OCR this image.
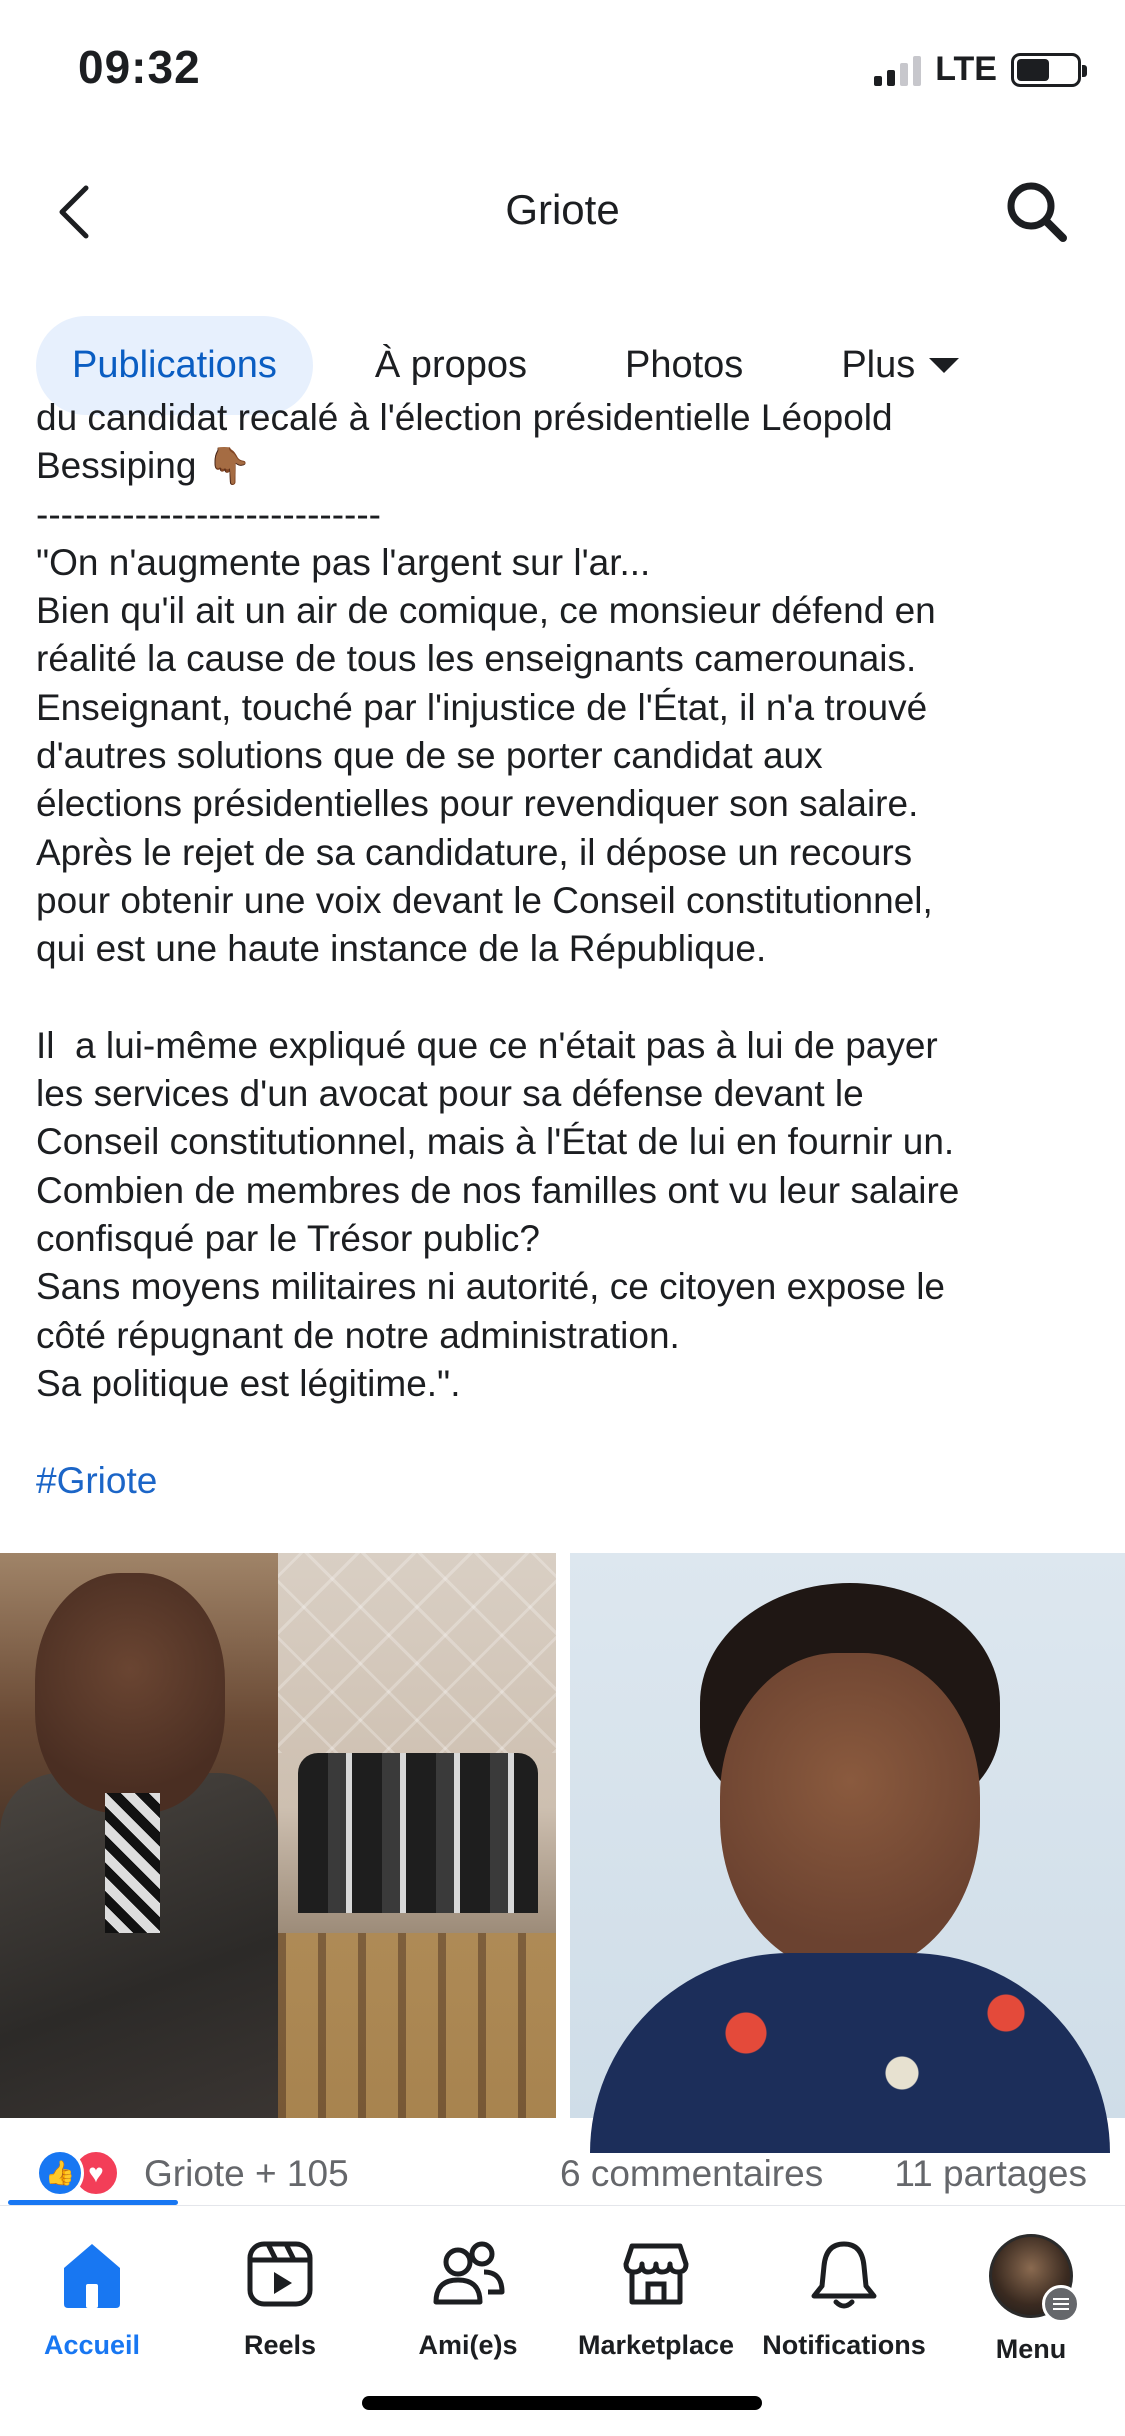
09:32	LTE
Griote
Publications	À propos	Photos	Plus

du candidat recalé à l'élection présidentielle Léopold

Bessiping 👇🏾

----------------------------

"On n'augmente pas l'argent sur l'ar...

Bien qu'il ait un air de comique, ce monsieur défend en

réalité la cause de tous les enseignants camerounais.

Enseignant, touché par l'injustice de l'État, il n'a trouvé

d'autres solutions que de se porter candidat aux

élections présidentielles pour revendiquer son salaire.

Après le rejet de sa candidature, il dépose un recours

pour obtenir une voix devant le Conseil constitutionnel,

qui est une haute instance de la République.

Il  a lui-même expliqué que ce n'était pas à lui de payer

les services d'un avocat pour sa défense devant le

Conseil constitutionnel, mais à l'État de lui en fournir un.

Combien de membres de nos familles ont vu leur salaire

confisqué par le Trésor public?

Sans moyens militaires ni autorité, ce citoyen expose le

côté répugnant de notre administration.

Sa politique est légitime.".

#Griote

👍 ♥	Griote + 105	6 commentaires 11 partages
Accueil	Reels	Ami(e)s	Marketplace	Notifications	Menu
